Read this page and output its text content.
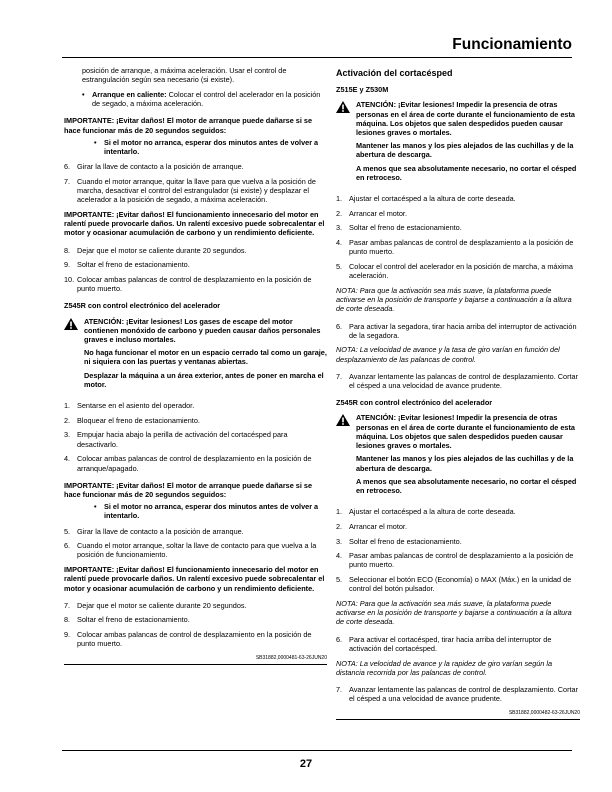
Funcionamiento
posición de arranque, a máxima aceleración. Usar el control de estrangulación según sea necesario (si existe).
•	Arranque en caliente: Colocar el control del acelerador en la posición de segado, a máxima aceleración.
IMPORTANTE: ¡Evitar daños! El motor de arranque puede dañarse si se hace funcionar más de 20 segundos seguidos:
•	Si el motor no arranca, esperar dos minutos antes de volver a intentarlo.
6. Girar la llave de contacto a la posición de arranque.
7. Cuando el motor arranque, quitar la llave para que vuelva a la posición de marcha, desactivar el control del estrangulador (si existe) y desplazar el acelerador a la posición de segado, a máxima aceleración.
IMPORTANTE: ¡Evitar daños! El funcionamiento innecesario del motor en ralentí puede provocarle daños. Un ralentí excesivo puede sobrecalentar el motor y ocasionar acumulación de carbono y un rendimiento deficiente.
8. Dejar que el motor se caliente durante 20 segundos.
9. Soltar el freno de estacionamiento.
10. Colocar ambas palancas de control de desplazamiento en la posición de punto muerto.
Z545R con control electrónico del acelerador
ATENCIÓN: ¡Evitar lesiones! Los gases de escape del motor contienen monóxido de carbono y pueden causar daños personales graves e incluso mortales.
No haga funcionar el motor en un espacio cerrado tal como un garaje, ni siquiera con las puertas y ventanas abiertas.
Desplazar la máquina a un área exterior, antes de poner en marcha el motor.
1. Sentarse en el asiento del operador.
2. Bloquear el freno de estacionamiento.
3. Empujar hacia abajo la perilla de activación del cortacésped para desactivarlo.
4. Colocar ambas palancas de control de desplazamiento en la posición de arranque/apagado.
IMPORTANTE: ¡Evitar daños! El motor de arranque puede dañarse si se hace funcionar más de 20 segundos seguidos:
•	Si el motor no arranca, esperar dos minutos antes de volver a intentarlo.
5. Girar la llave de contacto a la posición de arranque.
6. Cuando el motor arranque, soltar la llave de contacto para que vuelva a la posición de funcionamiento.
IMPORTANTE: ¡Evitar daños! El funcionamiento innecesario del motor en ralentí puede provocarle daños. Un ralentí excesivo puede sobrecalentar el motor y ocasionar acumulación de carbono y un rendimiento deficiente.
7. Dejar que el motor se caliente durante 20 segundos.
8. Soltar el freno de estacionamiento.
9. Colocar ambas palancas de control de desplazamiento en la posición de punto muerto.
SB31882,0000481-63-26JUN20
Activación del cortacésped
Z515E y Z530M
ATENCIÓN: ¡Evitar lesiones! Impedir la presencia de otras personas en el área de corte durante el funcionamiento de esta máquina. Los objetos que salen despedidos pueden causar lesiones graves o mortales.
Mantener las manos y los pies alejados de las cuchillas y de la abertura de descarga.
A menos que sea absolutamente necesario, no cortar el césped en retroceso.
1. Ajustar el cortacésped a la altura de corte deseada.
2. Arrancar el motor.
3. Soltar el freno de estacionamiento.
4. Pasar ambas palancas de control de desplazamiento a la posición de punto muerto.
5. Colocar el control del acelerador en la posición de marcha, a máxima aceleración.
NOTA: Para que la activación sea más suave, la plataforma puede activarse en la posición de transporte y bajarse a continuación a la altura de corte deseada.
6. Para activar la segadora, tirar hacia arriba del interruptor de activación de la segadora.
NOTA: La velocidad de avance y la tasa de giro varían en función del desplazamiento de las palancas de control.
7. Avanzar lentamente las palancas de control de desplazamiento. Cortar el césped a una velocidad de avance prudente.
Z545R con control electrónico del acelerador
ATENCIÓN: ¡Evitar lesiones! Impedir la presencia de otras personas en el área de corte durante el funcionamiento de esta máquina. Los objetos que salen despedidos pueden causar lesiones graves o mortales.
Mantener las manos y los pies alejados de las cuchillas y de la abertura de descarga.
A menos que sea absolutamente necesario, no cortar el césped en retroceso.
1. Ajustar el cortacésped a la altura de corte deseada.
2. Arrancar el motor.
3. Soltar el freno de estacionamiento.
4. Pasar ambas palancas de control de desplazamiento a la posición de punto muerto.
5. Seleccionar el botón ECO (Economía) o MAX (Máx.) en la unidad de control del botón pulsador.
NOTA: Para que la activación sea más suave, la plataforma puede activarse en la posición de transporte y bajarse a continuación a la altura de corte deseada.
6. Para activar el cortacésped, tirar hacia arriba del interruptor de activación del cortacésped.
NOTA: La velocidad de avance y la rapidez de giro varían según la distancia recorrida por las palancas de control.
7. Avanzar lentamente las palancas de control de desplazamiento. Cortar el césped a una velocidad de avance prudente.
SB31882,0000482-63-26JUN20
27
